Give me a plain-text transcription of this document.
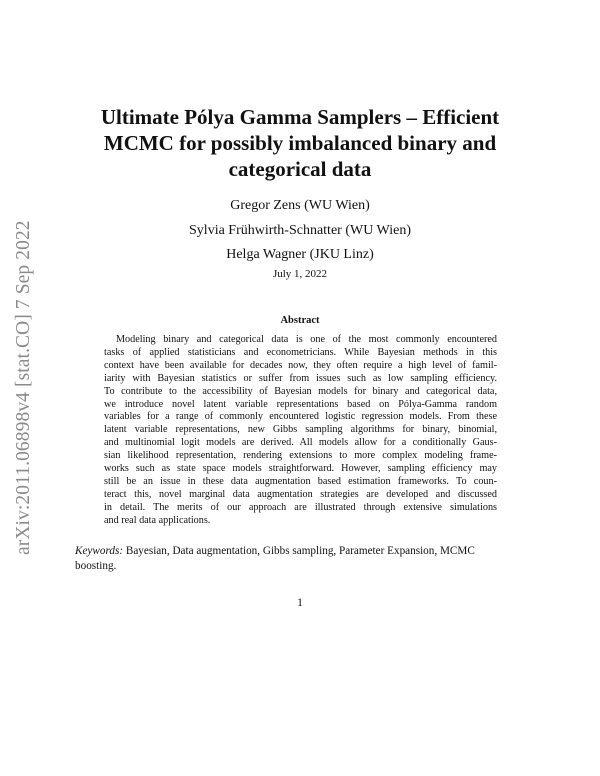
arXiv:2011.06898v4 [stat.CO] 7 Sep 2022
Ultimate Pólya Gamma Samplers – Efficient
MCMC for possibly imbalanced binary and
categorical data
Gregor Zens (WU Wien)
Sylvia Frühwirth-Schnatter (WU Wien)
Helga Wagner (JKU Linz)
July 1, 2022
Abstract
Modeling binary and categorical data is one of the most commonly encountered
tasks of applied statisticians and econometricians. While Bayesian methods in this
context have been available for decades now, they often require a high level of famil-
iarity with Bayesian statistics or suffer from issues such as low sampling efficiency.
To contribute to the accessibility of Bayesian models for binary and categorical data,
we introduce novel latent variable representations based on Pólya-Gamma random
variables for a range of commonly encountered logistic regression models. From these
latent variable representations, new Gibbs sampling algorithms for binary, binomial,
and multinomial logit models are derived. All models allow for a conditionally Gaus-
sian likelihood representation, rendering extensions to more complex modeling frame-
works such as state space models straightforward. However, sampling efficiency may
still be an issue in these data augmentation based estimation frameworks. To coun-
teract this, novel marginal data augmentation strategies are developed and discussed
in detail. The merits of our approach are illustrated through extensive simulations
and real data applications.
Keywords: Bayesian, Data augmentation, Gibbs sampling, Parameter Expansion, MCMC
boosting.
1
